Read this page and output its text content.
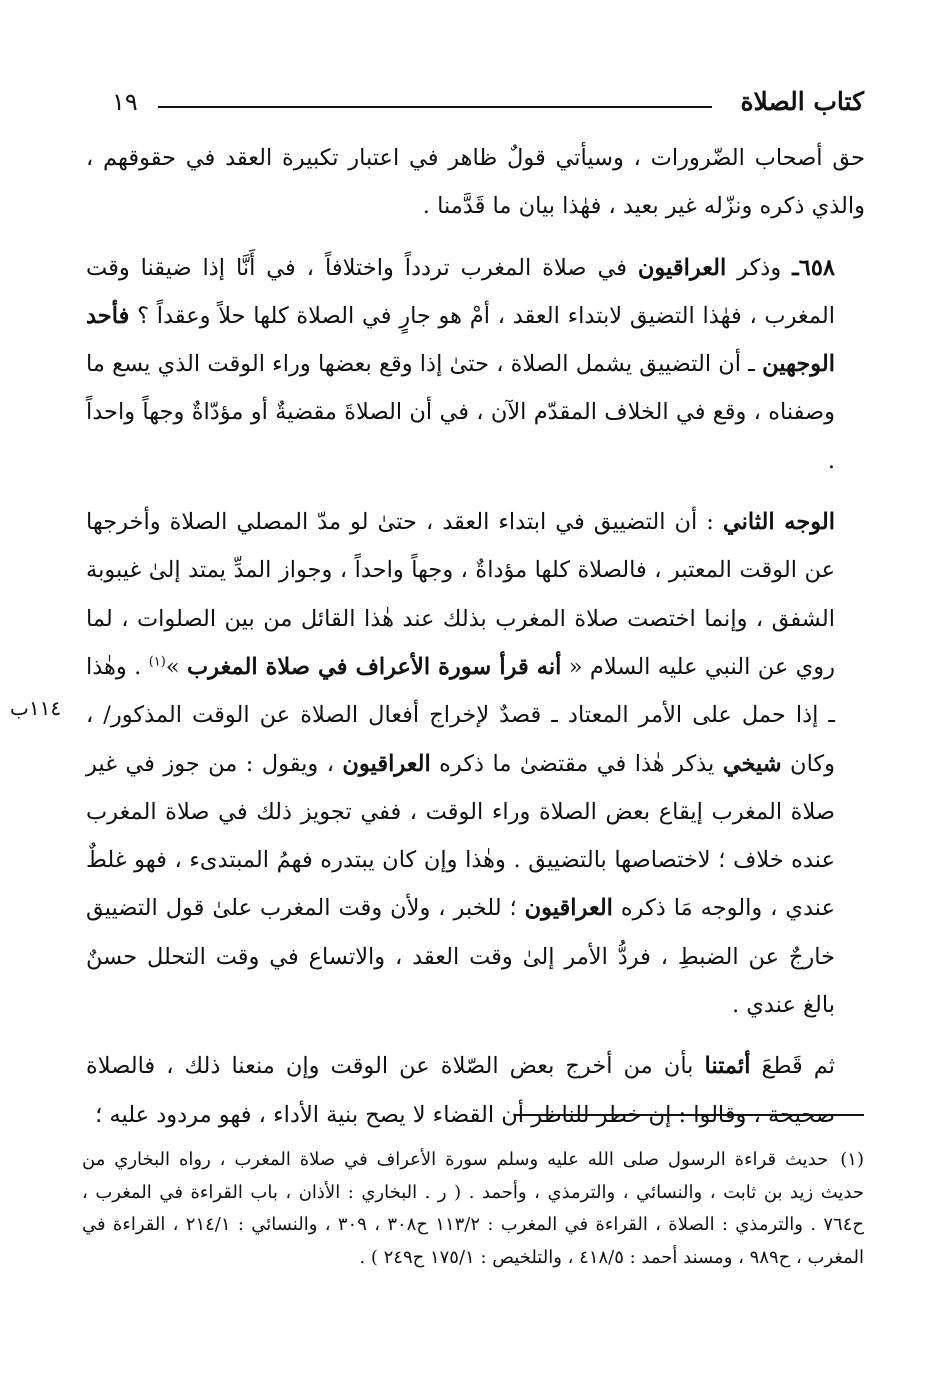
كتاب الصلاة
١٩

حق أصحاب الضّرورات ، وسيأتي قولٌ ظاهر في اعتبار تكبيرة العقد في حقوقهم ، والذي ذكره ونزّله غير بعيد ، فهٰذا بيان ما قَدَّمنا .

٦٥٨ـ وذكر العراقيون في صلاة المغرب تردداً واختلافاً ، في أَنَّا إذا ضيقنا وقت المغرب ، فهٰذا التضيق لابتداء العقد ، أمْ هو جارٍ في الصلاة كلها حلاً وعقداً ؟ فأحد الوجهين ـ أن التضييق يشمل الصلاة ، حتىٰ إذا وقع بعضها وراء الوقت الذي يسع ما وصفناه ، وقع في الخلاف المقدّم الآن ، في أن الصلاةَ مقضيةٌ أو مؤدّاةٌ وجهاً واحداً .

الوجه الثاني : أن التضييق في ابتداء العقد ، حتىٰ لو مدّ المصلي الصلاة وأخرجها عن الوقت المعتبر ، فالصلاة كلها مؤداةٌ ، وجهاً واحداً ، وجواز المدِّ يمتد إلىٰ غيبوبة الشفق ، وإنما اختصت صلاة المغرب بذلك عند هٰذا القائل من بين الصلوات ، لما روي عن النبي عليه السلام « أنه قرأ سورة الأعراف في صلاة المغرب »$^{(١)}$ . وهٰذا ـ إذا حمل على الأمر المعتاد ـ قصدٌ لإخراج أفعال الصلاة عن الوقت المذكور/ ، وكان شيخي يذكر هٰذا في مقتضىٰ ما ذكره العراقيون ، ويقول : من جوز في غير صلاة المغرب إيقاع بعض الصلاة وراء الوقت ، ففي تجويز ذلك في صلاة المغرب عنده خلاف ؛ لاختصاصها بالتضييق . وهٰذا وإن كان يبتدره فهمُ المبتدىء ، فهو غلطٌ عندي ، والوجه مَا ذكره العراقيون ؛ للخبر ، ولأن وقت المغرب علىٰ قول التضييق خارجٌ عن الضبطِ ، فردُّ الأمر إلىٰ وقت العقد ، والاتساع في وقت التحلل حسنٌ بالغ عندي .

ثم قَطعَ أئمتنا بأن من أخرج بعض الصّلاة عن الوقت وإن منعنا ذلك ، فالصلاة صحيحة ، وقالوا : إن خطر للناظر أن القضاء لا يصح بنية الأداء ، فهو مردود عليه ؛

١١٤ب
(١)حديث قراءة الرسول صلى الله عليه وسلم سورة الأعراف في صلاة المغرب ، رواه البخاري من حديث زيد بن ثابت ، والنسائي ، والترمذي ، وأحمد . ( ر . البخاري : الأذان ، باب القراءة في المغرب ، ح٧٦٤ . والترمذي : الصلاة ، القراءة في المغرب : ١١٣/٢ ح٣٠٨ ، ٣٠٩ ، والنسائي : ٢١٤/١ ، القراءة في المغرب ، ح٩٨٩ ، ومسند أحمد : ٤١٨/٥ ، والتلخيص : ١٧٥/١ ح٢٤٩ ) .
